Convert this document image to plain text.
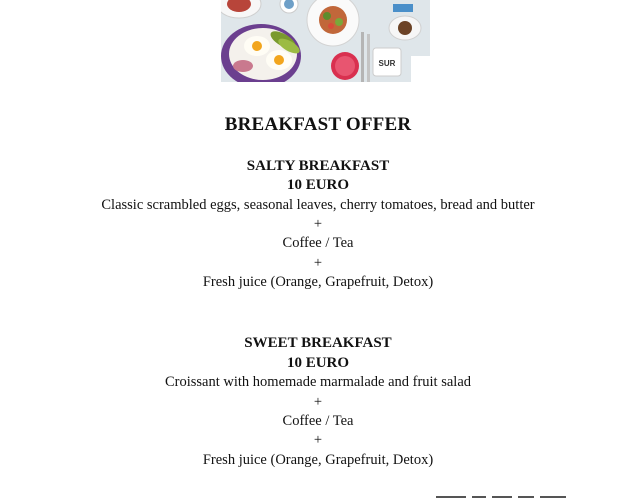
SUR
BREAKFAST OFFER
SALTY BREAKFAST
10 EURO
Classic scrambled eggs, seasonal leaves, cherry tomatoes, bread and butter
+
Coffee / Tea
+
Fresh juice (Orange, Grapefruit, Detox)
SWEET BREAKFAST
10 EURO
Croissant with homemade marmalade and fruit salad
+
Coffee / Tea
+
Fresh juice (Orange, Grapefruit, Detox)
